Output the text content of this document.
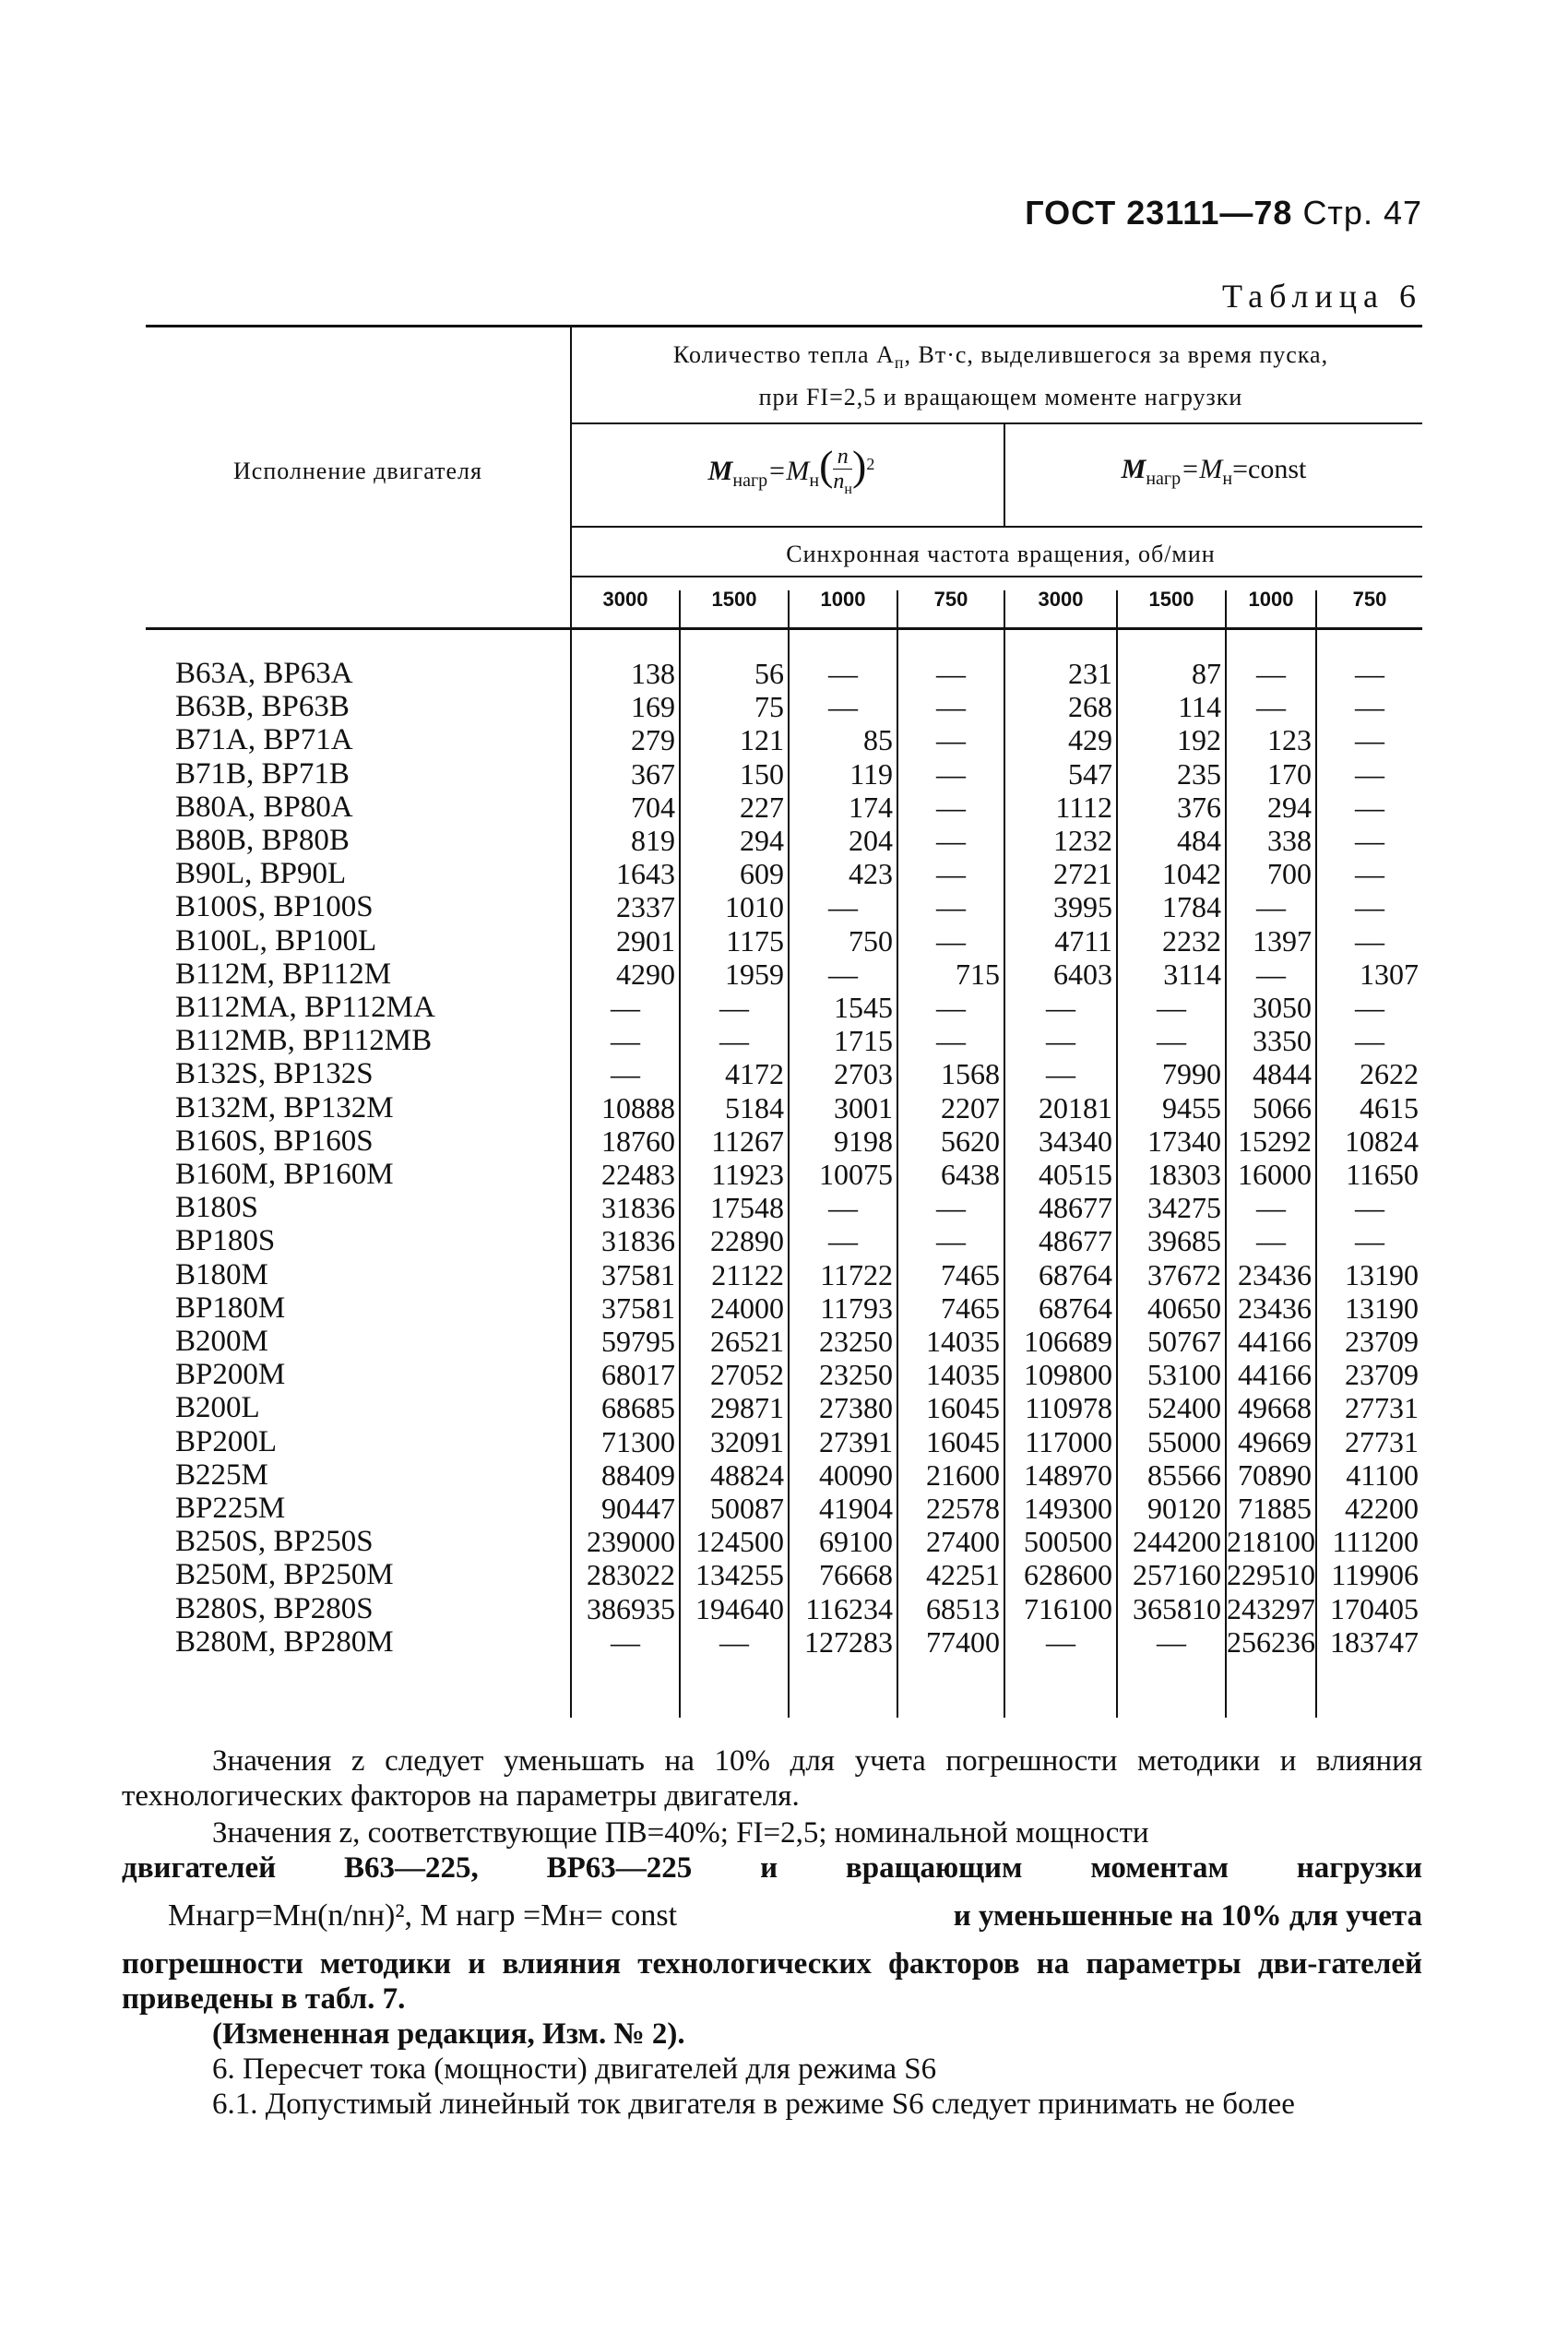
ГОСТ 23111—78 Стр. 47
Таблица 6
Исполнение двигателя
Количество тепла $A_п$, Вт·с, выделившегося за время пуска,
при FI=2,5 и вращающем моменте нагрузки
$M_{нагр}=M_н$( n
$n_н$
)$^2$	$M_{нагр}=M_н=const$
Синхронная частота вращения, об/мин
3000	1500	1000	750	3000	1500	1000	750
В63А, ВР63А	138	56	—	—	231	87	—	—
В63В, ВР63В	169	75	—	—	268	114	—	—
В71А, ВР71А	279	121	85	—	429	192	123	—
В71В, ВР71В	367	150	119	—	547	235	170	—
В80А, ВР80А	704	227	174	—	1112	376	294	—
В80В, ВР80В	819	294	204	—	1232	484	338	—
В90L, ВР90L	1643	609	423	—	2721	1042	700	—
В100S, ВР100S	2337	1010	—	—	3995	1784	—	—
В100L, ВР100L	2901	1175	750	—	4711	2232	1397	—
В112М, ВР112М	4290	1959	—	715	6403	3114	—	1307
В112МА, ВР112МА	—	—	1545	—	—	—	3050	—
В112МВ, ВР112МВ	—	—	1715	—	—	—	3350	—
В132S, ВР132S	—	4172	2703	1568	—	7990	4844	2622
В132М, ВР132М	10888	5184	3001	2207	20181	9455	5066	4615
В160S, ВР160S	18760	11267	9198	5620	34340	17340 15292	10824
В160М, ВР160М	22483	11923	10075	6438	40515	18303 16000	11650
В180S	31836	17548	—	—	48677	34275	—	—
ВР180S	31836	22890	—	—	48677	39685	—	—
В180М	37581	21122	11722	7465	68764	37672 23436	13190
ВР180М	37581	24000	11793	7465	68764	40650 23436	13190
В200М	59795	26521	23250	14035 106689	50767 44166	23709
ВР200М	68017	27052	23250	14035 109800	53100 44166	23709
В200L	68685	29871	27380	16045 110978	52400 49668	27731
ВР200L	71300	32091	27391	16045 117000	55000 49669	27731
В225М	88409	48824	40090	21600 148970	85566 70890	41100
ВР225М	90447	50087	41904	22578 149300	90120 71885	42200
В250S, ВР250S	239000 124500	69100	27400 500500 244200 218100 111200
В250М, ВР250М	283022 134255	76668	42251 628600 257160 229510 119906
В280S, ВР280S	386935 194640 116234	68513 716100 365810 243297 170405
В280М, ВР280М	—	—	127283	77400	—	—	256236 183747

Значения z следует уменьшать на 10% для учета погрешности методики и влияния технологических факторов на параметры двигателя.

Значения z, соответствующие ПВ=40%; FI=2,5; номинальной мощности

двигателей В63—225, ВР63—225 и вращающим моментам нагрузки

Mнагр=Mн(n/nн)², M нагр =Mн= const	и уменьшенные на 10% для учета

погрешности методики и влияния технологических факторов на параметры дви-гателей приведены в табл. 7.

(Измененная редакция, Изм. № 2).

6. Пересчет тока (мощности) двигателей для режима S6

6.1. Допустимый линейный ток двигателя в режиме S6 следует принимать не более
